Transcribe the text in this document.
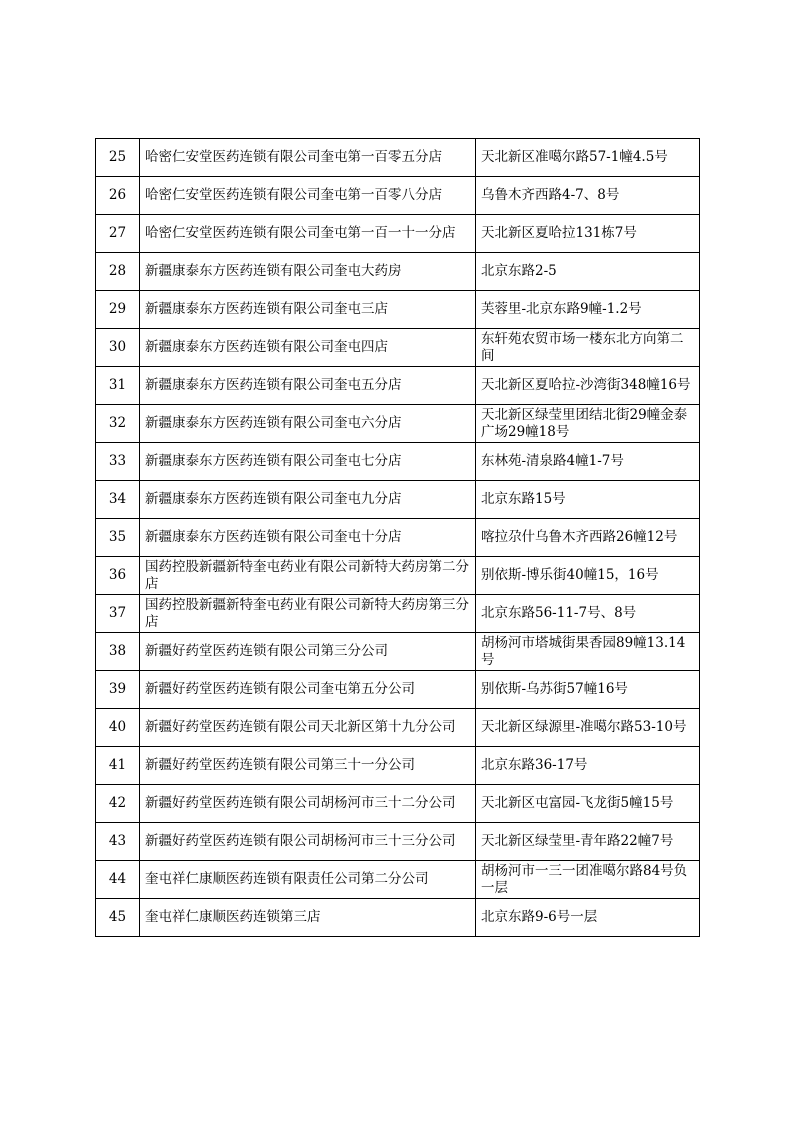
25	哈密仁安堂医药连锁有限公司奎屯第一百零五分店	天北新区准噶尔路57-1幢4.5号
26	哈密仁安堂医药连锁有限公司奎屯第一百零八分店	乌鲁木齐西路4-7、8号
27	哈密仁安堂医药连锁有限公司奎屯第一百一十一分店	天北新区夏哈拉131栋7号
28	新疆康泰东方医药连锁有限公司奎屯大药房	北京东路2-5
29	新疆康泰东方医药连锁有限公司奎屯三店	芙蓉里-北京东路9幢-1.2号
30	新疆康泰东方医药连锁有限公司奎屯四店	东轩苑农贸市场一楼东北方向第二间
31	新疆康泰东方医药连锁有限公司奎屯五分店	天北新区夏哈拉-沙湾街348幢16号
32	新疆康泰东方医药连锁有限公司奎屯六分店	天北新区绿莹里团结北街29幢金泰广场29幢18号
33	新疆康泰东方医药连锁有限公司奎屯七分店	东林苑-清泉路4幢1-7号
34	新疆康泰东方医药连锁有限公司奎屯九分店	北京东路15号
35	新疆康泰东方医药连锁有限公司奎屯十分店	喀拉尕什乌鲁木齐西路26幢12号
36	国药控股新疆新特奎屯药业有限公司新特大药房第二分店	别依斯-博乐街40幢15，16号
37	国药控股新疆新特奎屯药业有限公司新特大药房第三分店	北京东路56-11-7号、8号
38	新疆好药堂医药连锁有限公司第三分公司	胡杨河市塔城街果香园89幢13.14号
39	新疆好药堂医药连锁有限公司奎屯第五分公司	别依斯-乌苏街57幢16号
40	新疆好药堂医药连锁有限公司天北新区第十九分公司	天北新区绿源里-准噶尔路53-10号
41	新疆好药堂医药连锁有限公司第三十一分公司	北京东路36-17号
42	新疆好药堂医药连锁有限公司胡杨河市三十二分公司	天北新区屯富园-飞龙街5幢15号
43	新疆好药堂医药连锁有限公司胡杨河市三十三分公司	天北新区绿莹里-青年路22幢7号
44	奎屯祥仁康顺医药连锁有限责任公司第二分公司	胡杨河市一三一团准噶尔路84号负一层
45	奎屯祥仁康顺医药连锁第三店	北京东路9-6号一层
